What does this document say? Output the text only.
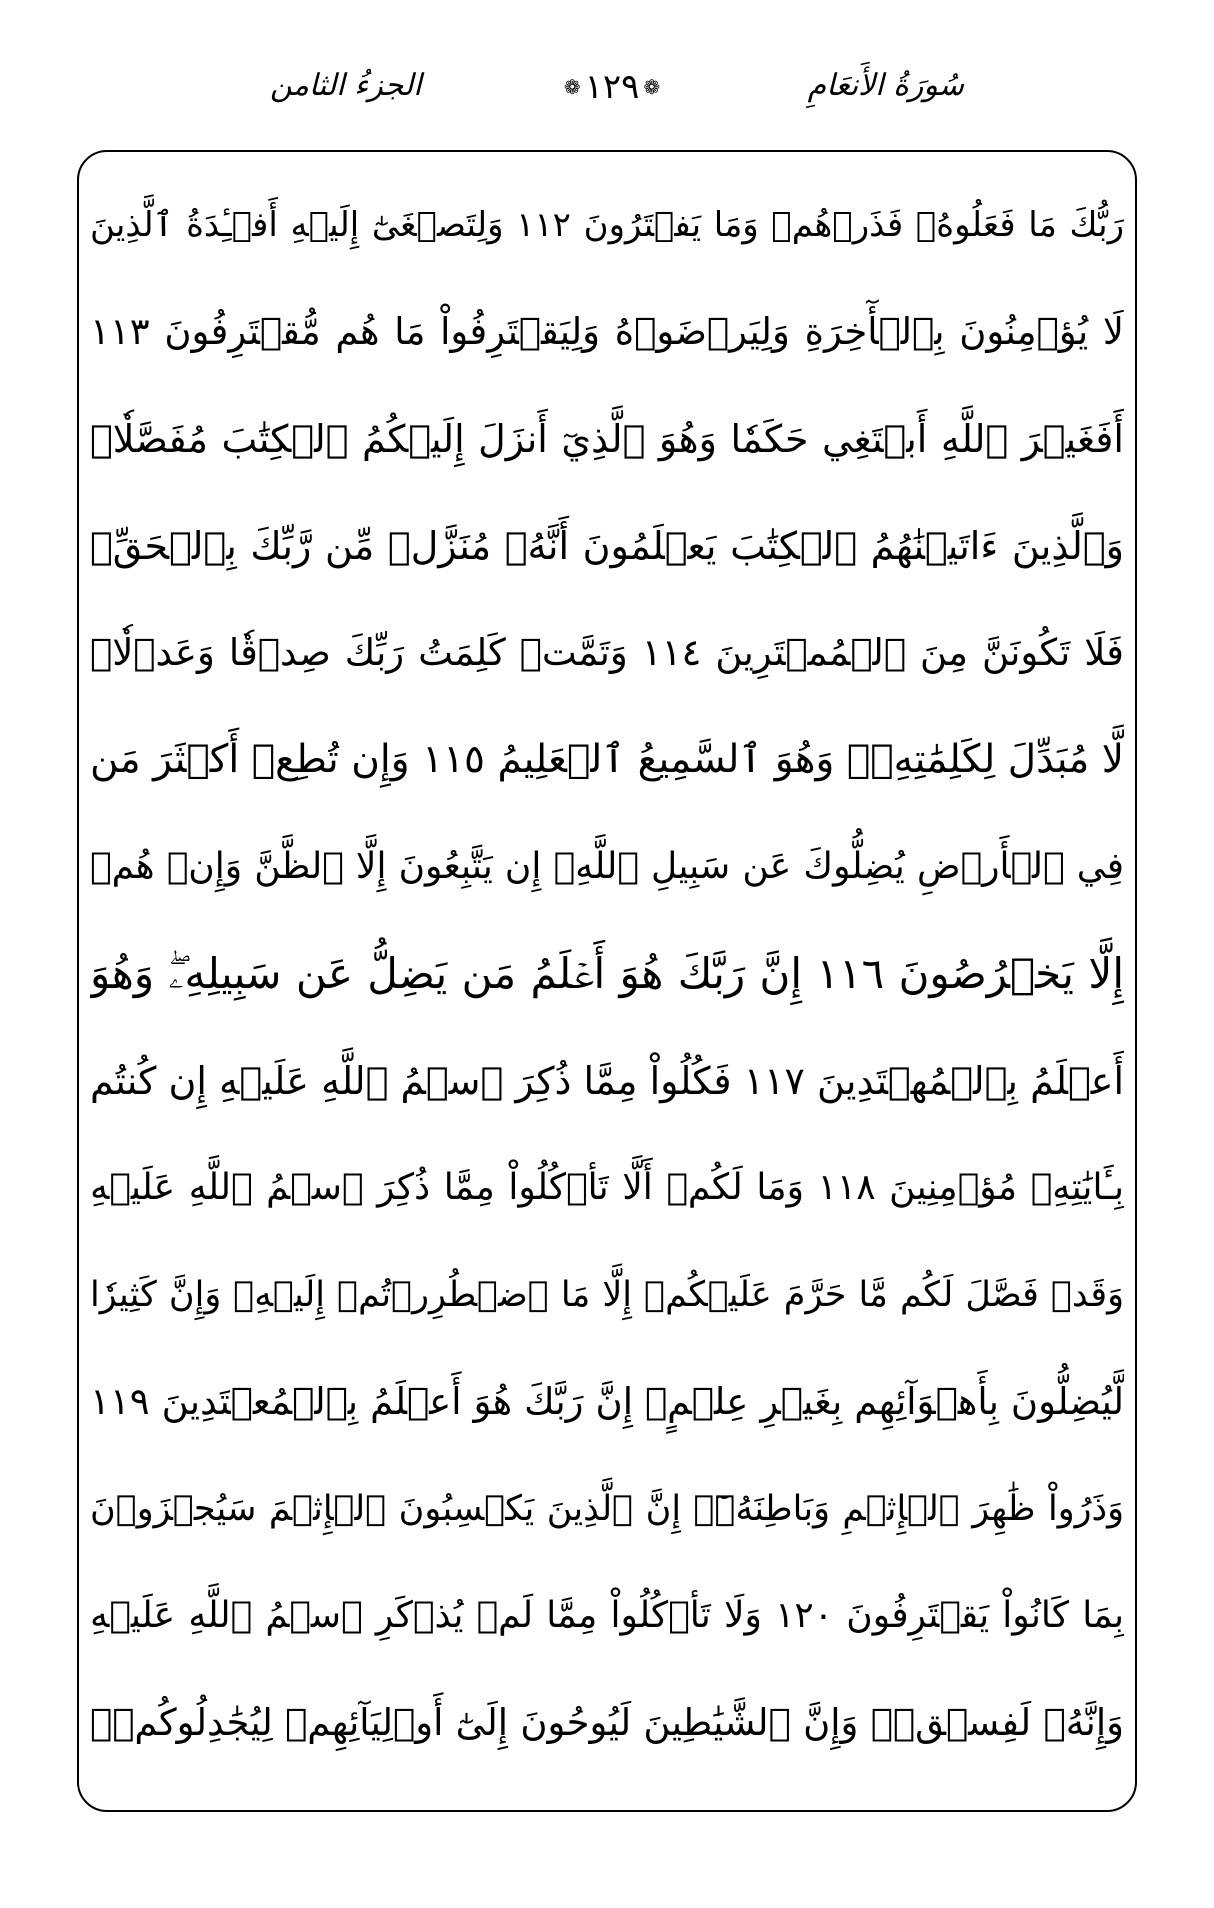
الجزءُ الثامن	❁ ١٢٩ ❁	سُورَةُ الأَنعَامِ
رَبُّكَ مَا فَعَلُوهُۖ فَذَرۡهُمۡ وَمَا يَفۡتَرُونَ ١١٢ وَلِتَصۡغَىٰٓ إِلَيۡهِ أَفۡـِٔدَةُ ٱلَّذِينَ
لَا يُؤۡمِنُونَ بِٱلۡأٓخِرَةِ وَلِيَرۡضَوۡهُ وَلِيَقۡتَرِفُواْ مَا هُم مُّقۡتَرِفُونَ ١١٣
أَفَغَيۡرَ ٱللَّهِ أَبۡتَغِي حَكَمٗا وَهُوَ ٱلَّذِيٓ أَنزَلَ إِلَيۡكُمُ ٱلۡكِتَٰبَ مُفَصَّلٗاۚ
وَٱلَّذِينَ ءَاتَيۡنَٰهُمُ ٱلۡكِتَٰبَ يَعۡلَمُونَ أَنَّهُۥ مُنَزَّلٞ مِّن رَّبِّكَ بِٱلۡحَقِّۖ
فَلَا تَكُونَنَّ مِنَ ٱلۡمُمۡتَرِينَ ١١٤ وَتَمَّتۡ كَلِمَتُ رَبِّكَ صِدۡقٗا وَعَدۡلٗاۚ
لَّا مُبَدِّلَ لِكَلِمَٰتِهِۦۚ وَهُوَ ٱلسَّمِيعُ ٱلۡعَلِيمُ ١١٥ وَإِن تُطِعۡ أَكۡثَرَ مَن
فِي ٱلۡأَرۡضِ يُضِلُّوكَ عَن سَبِيلِ ٱللَّهِۚ إِن يَتَّبِعُونَ إِلَّا ٱلظَّنَّ وَإِنۡ هُمۡ
إِلَّا يَخۡرُصُونَ ١١٦ إِنَّ رَبَّكَ هُوَ أَعۡلَمُ مَن يَضِلُّ عَن سَبِيلِهِۦۖ وَهُوَ
أَعۡلَمُ بِٱلۡمُهۡتَدِينَ ١١٧ فَكُلُواْ مِمَّا ذُكِرَ ٱسۡمُ ٱللَّهِ عَلَيۡهِ إِن كُنتُم
بِـَٔايَٰتِهِۦ مُؤۡمِنِينَ ١١٨ وَمَا لَكُمۡ أَلَّا تَأۡكُلُواْ مِمَّا ذُكِرَ ٱسۡمُ ٱللَّهِ عَلَيۡهِ
وَقَدۡ فَصَّلَ لَكُم مَّا حَرَّمَ عَلَيۡكُمۡ إِلَّا مَا ٱضۡطُرِرۡتُمۡ إِلَيۡهِۗ وَإِنَّ كَثِيرٗا
لَّيُضِلُّونَ بِأَهۡوَآئِهِم بِغَيۡرِ عِلۡمٍۚ إِنَّ رَبَّكَ هُوَ أَعۡلَمُ بِٱلۡمُعۡتَدِينَ ١١٩
وَذَرُواْ ظَٰهِرَ ٱلۡإِثۡمِ وَبَاطِنَهُۥٓۚ إِنَّ ٱلَّذِينَ يَكۡسِبُونَ ٱلۡإِثۡمَ سَيُجۡزَوۡنَ
بِمَا كَانُواْ يَقۡتَرِفُونَ ١٢٠ وَلَا تَأۡكُلُواْ مِمَّا لَمۡ يُذۡكَرِ ٱسۡمُ ٱللَّهِ عَلَيۡهِ
وَإِنَّهُۥ لَفِسۡقٞۗ وَإِنَّ ٱلشَّيَٰطِينَ لَيُوحُونَ إِلَىٰٓ أَوۡلِيَآئِهِمۡ لِيُجَٰدِلُوكُمۡۖ
